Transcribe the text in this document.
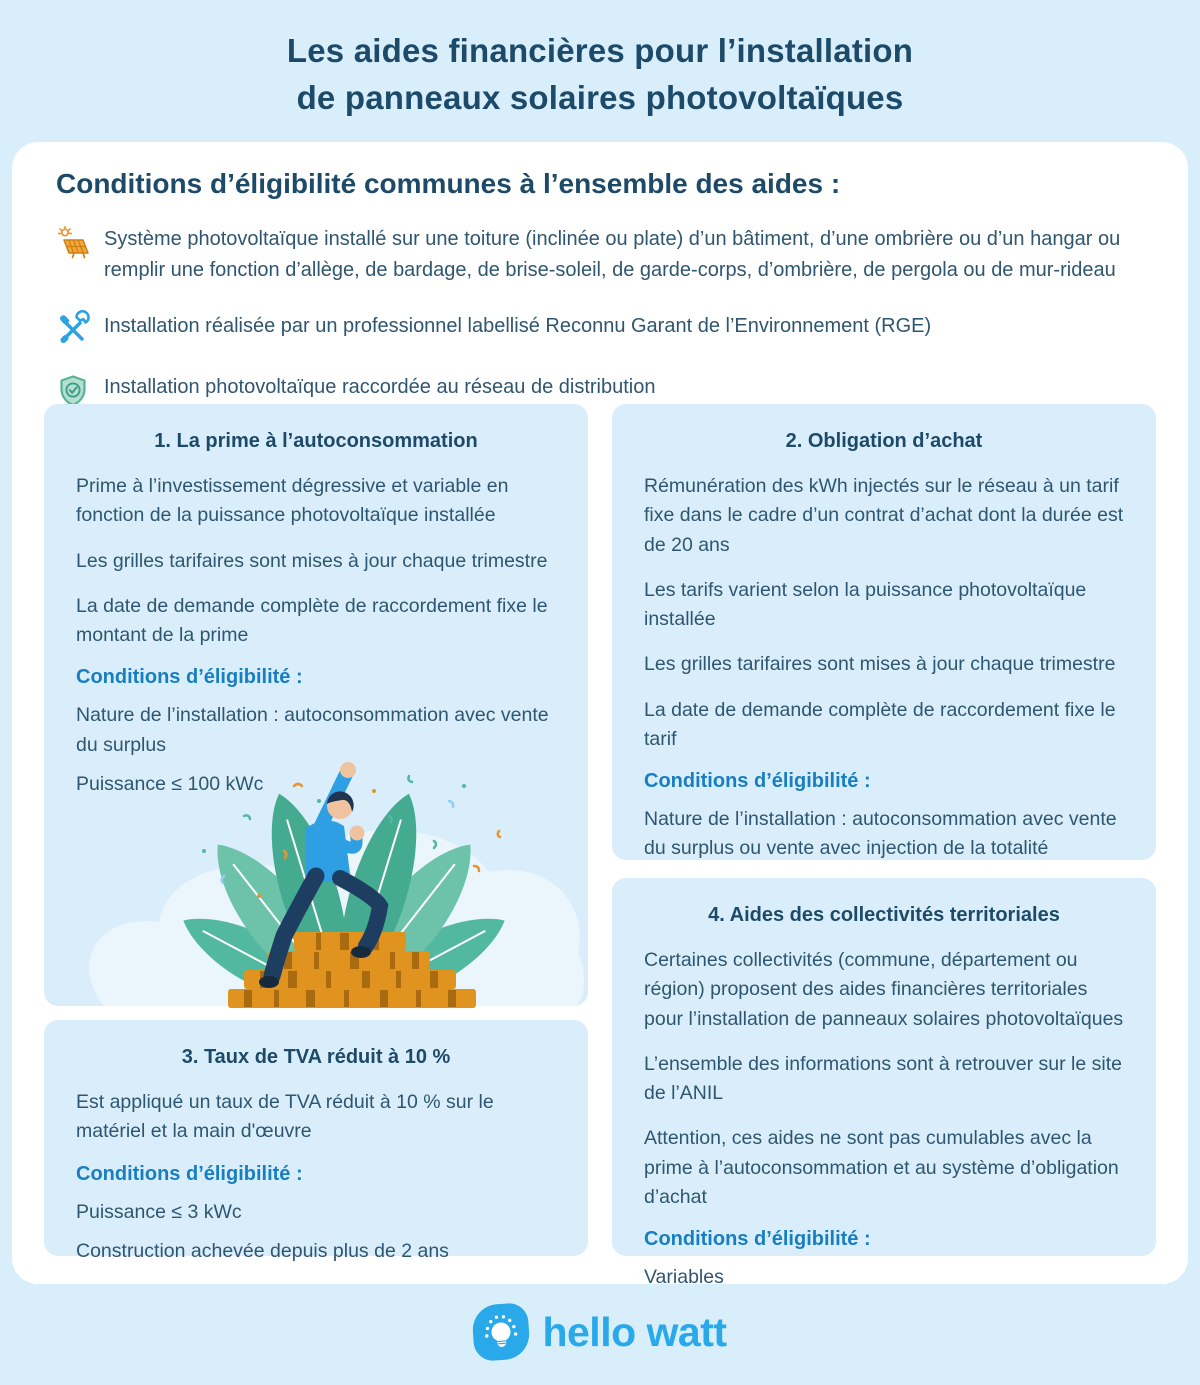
Les aides financières pour l’installation
de panneaux solaires photovoltaïques
Conditions d’éligibilité communes à l’ensemble des aides :

Système photovoltaïque installé sur une toiture (inclinée ou plate) d’un bâtiment, d’une ombrière ou d’un hangar ou remplir une fonction d’allège, de bardage, de brise-soleil, de garde-corps, d’ombrière, de pergola ou de mur-rideau

Installation réalisée par un professionnel labellisé Reconnu Garant de l’Environnement (RGE)

Installation photovoltaïque raccordée au réseau de distribution

1. La prime à l’autoconsommation

Prime à l’investissement dégressive et variable en fonction de la puissance photovoltaïque installée

Les grilles tarifaires sont mises à jour chaque trimestre

La date de demande complète de raccordement fixe le montant de la prime

Conditions d’éligibilité :

Nature de l’installation : autoconsommation avec vente du surplus

Puissance ≤ 100 kWc

2. Obligation d’achat

Rémunération des kWh injectés sur le réseau à un tarif fixe dans le cadre d’un contrat d’achat dont la durée est de 20 ans

Les tarifs varient selon la puissance photovoltaïque installée

Les grilles tarifaires sont mises à jour chaque trimestre

La date de demande complète de raccordement fixe le tarif

Conditions d’éligibilité :

Nature de l’installation : autoconsommation avec vente du surplus ou vente avec injection de la totalité

3. Taux de TVA réduit à 10 %

Est appliqué un taux de TVA réduit à 10 % sur le matériel et la main d'œuvre

Conditions d’éligibilité :

Puissance ≤ 3 kWc

Construction achevée depuis plus de 2 ans

4. Aides des collectivités territoriales

Certaines collectivités (commune, département ou région) proposent des aides financières territoriales pour l’installation de panneaux solaires photovoltaïques

L’ensemble des informations sont à retrouver sur le site de l’ANIL

Attention, ces aides ne sont pas cumulables avec la prime à l’autoconsommation et au système d’obligation d’achat

Conditions d’éligibilité :

Variables

hello watt
